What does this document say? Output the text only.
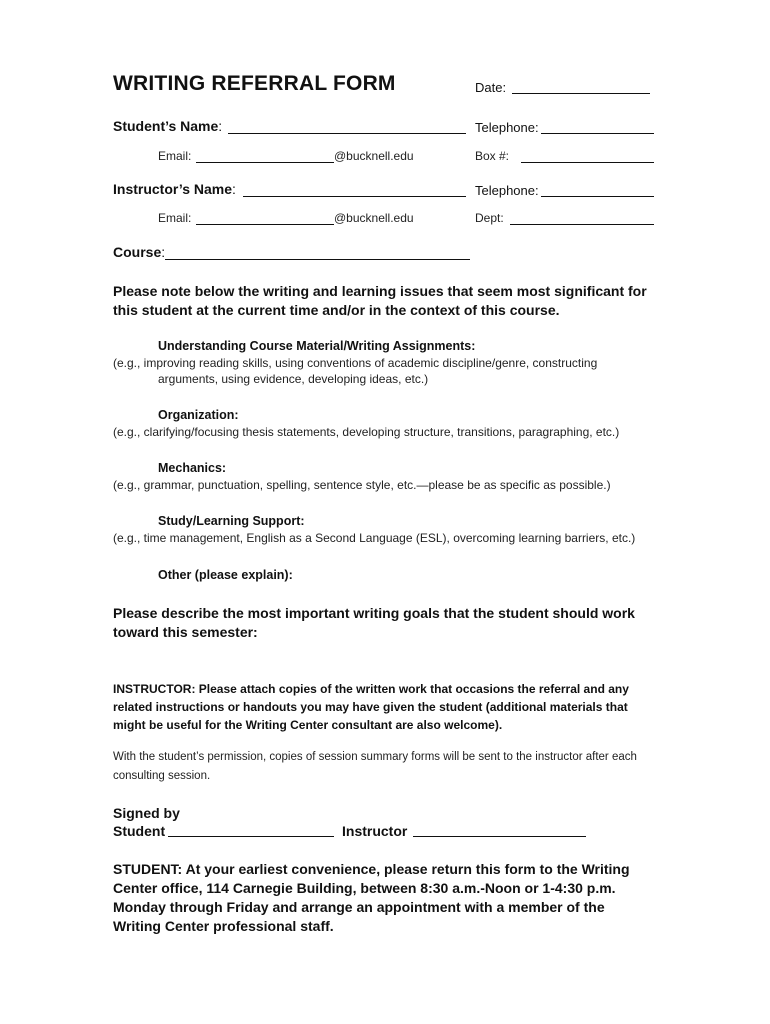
WRITING REFERRAL FORM	Date:
Student’s Name:	Telephone:
Email:	@bucknell.edu	Box #:
Instructor’s Name:	Telephone:
Email:	@bucknell.edu	Dept:
Course:
Please note below the writing and learning issues that seem most significant for this student at the current time and/or in the context of this course.
Understanding Course Material/Writing Assignments:
(e.g., improving reading skills, using conventions of academic discipline/genre, constructing
arguments, using evidence, developing ideas, etc.)
Organization:
(e.g., clarifying/focusing thesis statements, developing structure, transitions, paragraphing, etc.)
Mechanics:
(e.g., grammar, punctuation, spelling, sentence style, etc.—please be as specific as possible.)
Study/Learning Support:
(e.g., time management, English as a Second Language (ESL), overcoming learning barriers, etc.)
Other (please explain):
Please describe the most important writing goals that the student should work toward this semester:
INSTRUCTOR: Please attach copies of the written work that occasions the referral and any related instructions or handouts you may have given the student (additional materials that might be useful for the Writing Center consultant are also welcome).
With the student’s permission, copies of session summary forms will be sent to the instructor after each consulting session.
Signed by
Student	Instructor
STUDENT: At your earliest convenience, please return this form to the Writing Center office, 114 Carnegie Building, between 8:30 a.m.-Noon or 1-4:30 p.m. Monday through Friday and arrange an appointment with a member of the Writing Center professional staff.
